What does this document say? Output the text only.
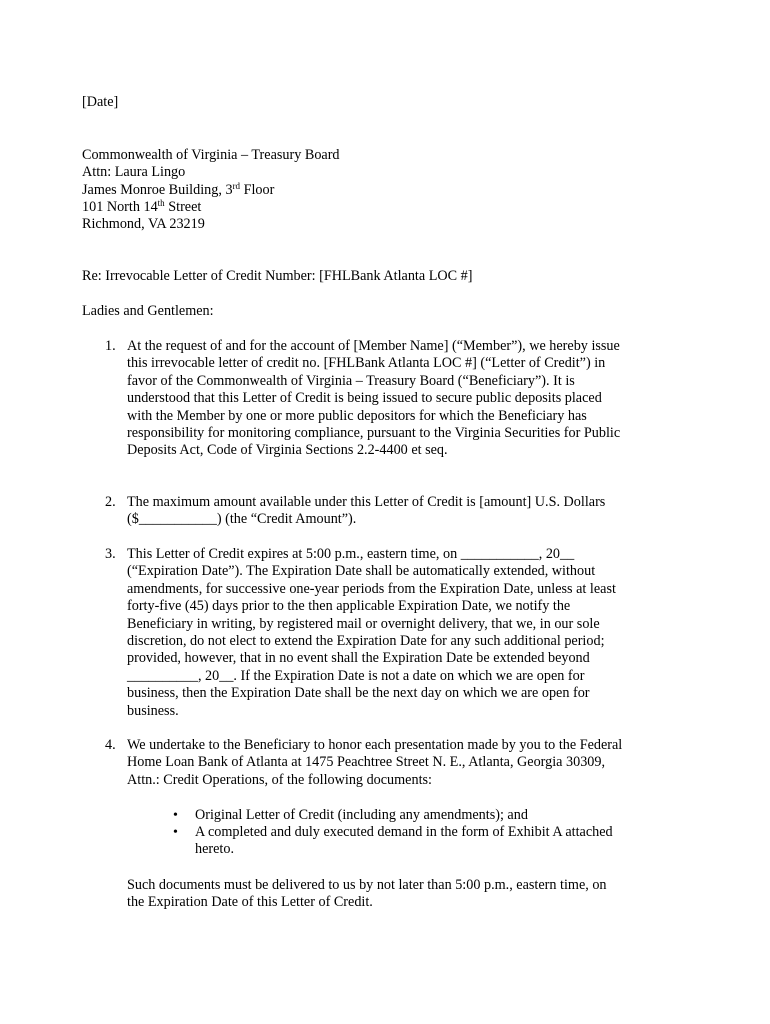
[Date]
Commonwealth of Virginia – Treasury Board
Attn: Laura Lingo
James Monroe Building, 3rd Floor
101 North 14th Street
Richmond, VA 23219
Re: Irrevocable Letter of Credit Number: [FHLBank Atlanta LOC #]
Ladies and Gentlemen:
1. At the request of and for the account of [Member Name] (“Member”), we hereby issue this irrevocable letter of credit no. [FHLBank Atlanta LOC #] (“Letter of Credit”) in favor of the Commonwealth of Virginia – Treasury Board (“Beneficiary”). It is understood that this Letter of Credit is being issued to secure public deposits placed with the Member by one or more public depositors for which the Beneficiary has responsibility for monitoring compliance, pursuant to the Virginia Securities for Public Deposits Act, Code of Virginia Sections 2.2-4400 et seq.
2. The maximum amount available under this Letter of Credit is [amount] U.S. Dollars ($___________) (the “Credit Amount”).
3. This Letter of Credit expires at 5:00 p.m., eastern time, on ___________, 20__ (“Expiration Date”). The Expiration Date shall be automatically extended, without amendments, for successive one-year periods from the Expiration Date, unless at least forty-five (45) days prior to the then applicable Expiration Date, we notify the Beneficiary in writing, by registered mail or overnight delivery, that we, in our sole discretion, do not elect to extend the Expiration Date for any such additional period; provided, however, that in no event shall the Expiration Date be extended beyond __________, 20__. If the Expiration Date is not a date on which we are open for business, then the Expiration Date shall be the next day on which we are open for business.
4. We undertake to the Beneficiary to honor each presentation made by you to the Federal Home Loan Bank of Atlanta at 1475 Peachtree Street N. E., Atlanta, Georgia 30309, Attn.: Credit Operations, of the following documents:
• Original Letter of Credit (including any amendments); and
• A completed and duly executed demand in the form of Exhibit A attached hereto.
Such documents must be delivered to us by not later than 5:00 p.m., eastern time, on the Expiration Date of this Letter of Credit.
